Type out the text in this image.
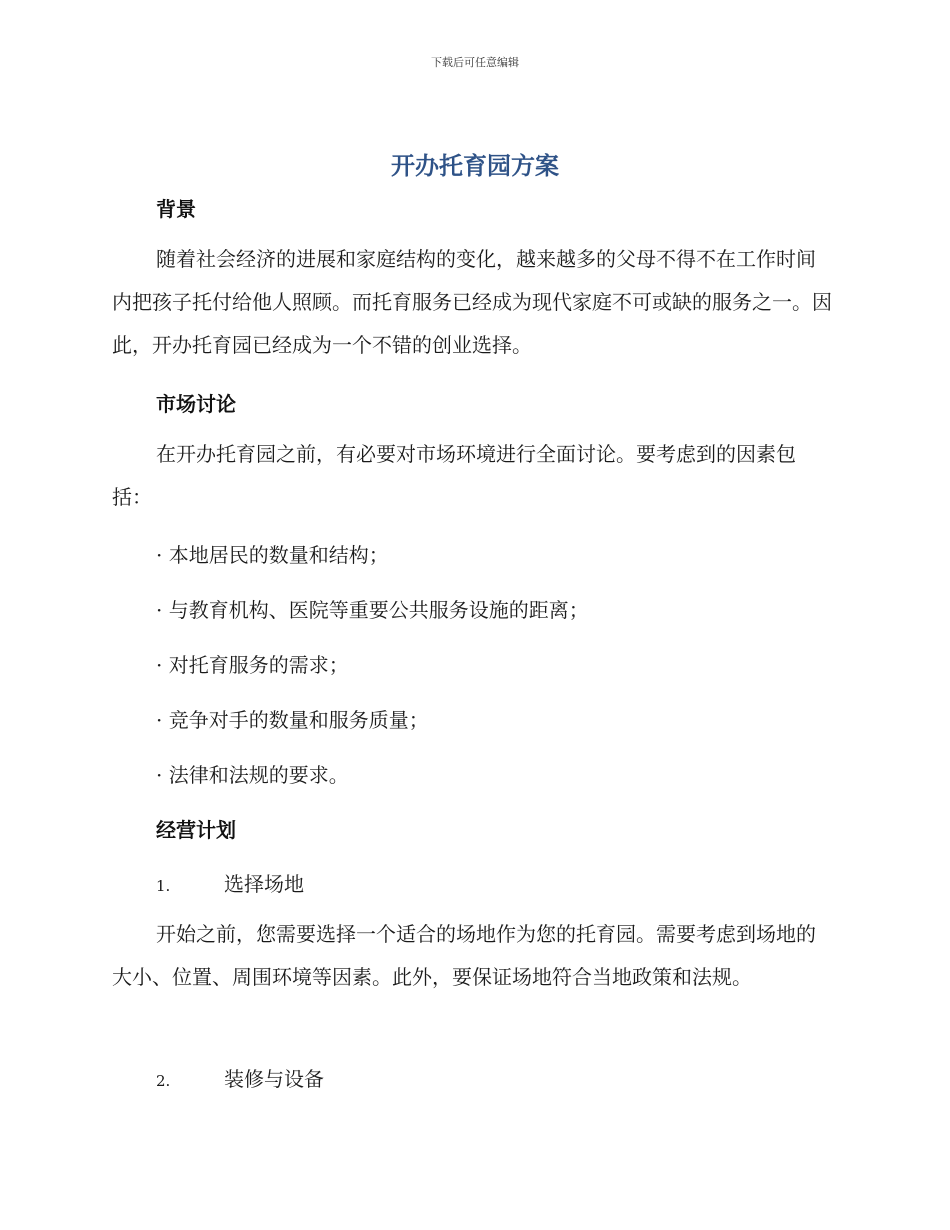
下载后可任意编辑
开办托育园方案
背景

随着社会经济的进展和家庭结构的变化，越来越多的父母不得不在工作时间内把孩子托付给他人照顾。而托育服务已经成为现代家庭不可或缺的服务之一。因此，开办托育园已经成为一个不错的创业选择。

市场讨论

在开办托育园之前，有必要对市场环境进行全面讨论。要考虑到的因素包括：

· 本地居民的数量和结构；
· 与教育机构、医院等重要公共服务设施的距离；
· 对托育服务的需求；
· 竞争对手的数量和服务质量；
· 法律和法规的要求。
经营计划
1.	选择场地

开始之前，您需要选择一个适合的场地作为您的托育园。需要考虑到场地的大小、位置、周围环境等因素。此外，要保证场地符合当地政策和法规。

2.	装修与设备
